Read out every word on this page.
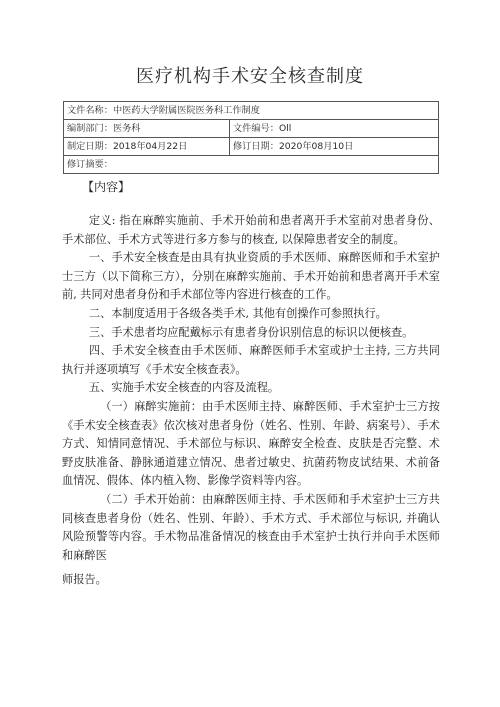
医疗机构手术安全核查制度
文件名称：中医药大学附属医院医务科工作制度	
编制部门：医务科	文件编号：Oll
制定日期：2018年04月22日	修订日期：2020年08月10日
修订摘要：	
【内容】

定义: 指在麻醉实施前、手术开始前和患者离开手术室前对患者身份、手术部位、手术方式等进行多方参与的核查, 以保障患者安全的制度。

一、手术安全核查是由具有执业资质的手术医师、麻醉医师和手术室护士三方（以下简称三方），分别在麻醉实施前、手术开始前和患者离开手术室前, 共同对患者身份和手术部位等内容进行核查的工作。

二、本制度适用于各级各类手术, 其他有创操作可参照执行。

三、手术患者均应配戴标示有患者身份识别信息的标识以便核查。

四、手术安全核查由手术医师、麻醉医师手术室或护士主持, 三方共同执行并逐项填写《手术安全核查表》。

五、实施手术安全核查的内容及流程。

（一）麻醉实施前：由手术医师主持、麻醉医师、手术室护士三方按《手术安全核查表》依次核对患者身份（姓名、性别、年龄、病案号）、手术方式、知情同意情况、手术部位与标识、麻醉安全检查、皮肤是否完整、术野皮肤准备、静脉通道建立情况、患者过敏史、抗菌药物皮试结果、术前备血情况、假体、体内植入物、影像学资料等内容。

（二）手术开始前：由麻醉医师主持、手术医师和手术室护士三方共同核查患者身份（姓名、性别、年龄）、手术方式、手术部位与标识, 并确认风险预警等内容。手术物品准备情况的核查由手术室护士执行并向手术医师和麻醉医

师报告。
